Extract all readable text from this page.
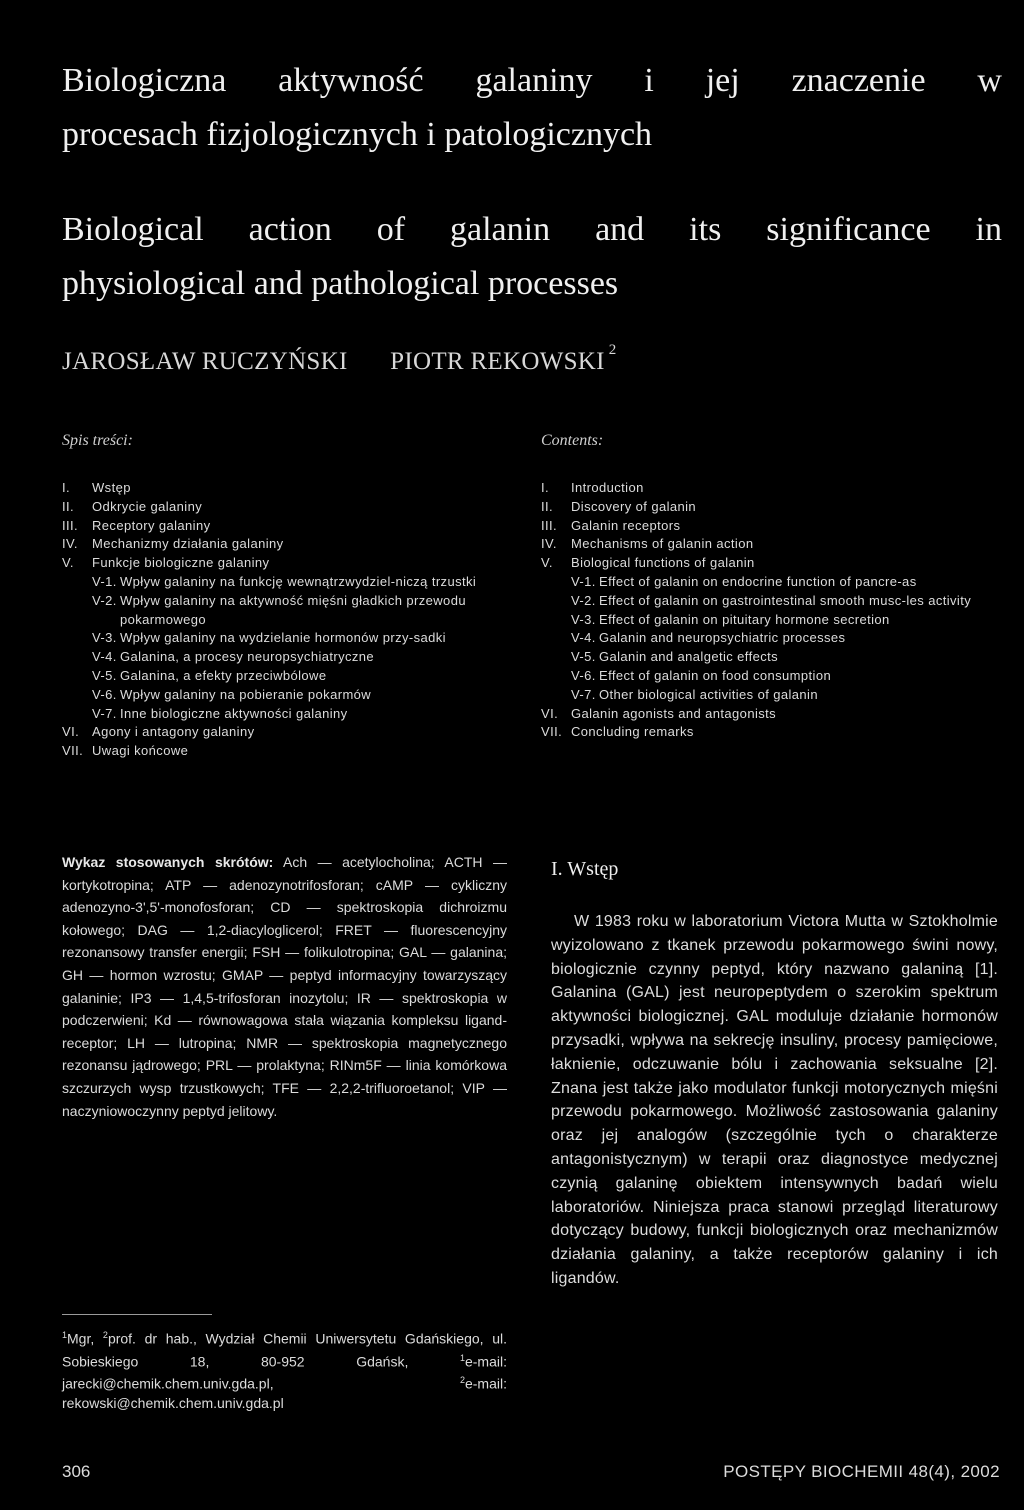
Biologiczna aktywność galaniny i jej znaczenie w
procesach fizjologicznych i patologicznych
Biological action of galanin and its significance in
physiological and pathological processes
JAROSŁAW RUCZYŃSKI PIOTR REKOWSKI $^2$
Spis treści:	Contents:
I. Wstęp
II. Odkrycie galaniny
III. Receptory galaniny
IV. Mechanizmy działania galaniny
V. Funkcje biologiczne galaniny
V-1. Wpływ galaniny na funkcję wewnątrzwydziel-niczą trzustki
V-2. Wpływ galaniny na aktywność mięśni gładkich przewodu pokarmowego
V-3. Wpływ galaniny na wydzielanie hormonów przy-sadki
V-4. Galanina, a procesy neuropsychiatryczne
V-5. Galanina, a efekty przeciwbólowe
V-6. Wpływ galaniny na pobieranie pokarmów
V-7. Inne biologiczne aktywności galaniny
VI. Agony i antagony galaniny
VII. Uwagi końcowe
I. Introduction
II. Discovery of galanin
III. Galanin receptors
IV. Mechanisms of galanin action
V. Biological functions of galanin
V-1. Effect of galanin on endocrine function of pancre-as
V-2. Effect of galanin on gastrointestinal smooth musc-les activity
V-3. Effect of galanin on pituitary hormone secretion
V-4. Galanin and neuropsychiatric processes
V-5. Galanin and analgetic effects
V-6. Effect of galanin on food consumption
V-7. Other biological activities of galanin
VI. Galanin agonists and antagonists
VII. Concluding remarks
Wykaz stosowanych skrótów: Ach — acetylocholina; ACTH — kortykotropina; ATP — adenozynotrifosforan; cAMP — cykliczny adenozyno-3',5'-monofosforan; CD — spektroskopia dichroizmu kołowego; DAG — 1,2-diacyloglicerol; FRET — fluorescencyjny rezonansowy transfer energii; FSH — folikulotropina; GAL — galanina; GH — hormon wzrostu; GMAP — peptyd informacyjny towarzyszący galaninie; IP3 — 1,4,5-trifosforan inozytolu; IR — spektroskopia w podczerwieni; Kd — równowagowa stała wiązania kompleksu ligand-receptor; LH — lutropina; NMR — spektroskopia magnetycznego rezonansu jądrowego; PRL — prolaktyna; RINm5F — linia komórkowa szczurzych wysp trzustkowych; TFE — 2,2,2-trifluoroetanol; VIP — naczyniowoczynny peptyd jelitowy.
$^1$Mgr, $^2$prof. dr hab., Wydział Chemii Uniwersytetu Gdańskiego, ul. Sobieskiego 18, 80-952 Gdańsk, $^1$e-mail: jarecki@chemik.chem.univ.gda.pl, $^2$e-mail: rekowski@chemik.chem.univ.gda.pl
I. Wstęp

W 1983 roku w laboratorium Victora Mutta w Sztokholmie wyizolowano z tkanek przewodu pokarmowego świni nowy, biologicznie czynny peptyd, który nazwano galaniną [1]. Galanina (GAL) jest neuropeptydem o szerokim spektrum aktywności biologicznej. GAL moduluje działanie hormonów przysadki, wpływa na sekrecję insuliny, procesy pamięciowe, łaknienie, odczuwanie bólu i zachowania seksualne [2]. Znana jest także jako modulator funkcji motorycznych mięśni przewodu pokarmowego. Możliwość zastosowania galaniny oraz jej analogów (szczególnie tych o charakterze antagonistycznym) w terapii oraz diagnostyce medycznej czynią galaninę obiektem intensywnych badań wielu laboratoriów. Niniejsza praca stanowi przegląd literaturowy dotyczący budowy, funkcji biologicznych oraz mechanizmów działania galaniny, a także receptorów galaniny i ich ligandów.

306	POSTĘPY BIOCHEMII 48(4), 2002
